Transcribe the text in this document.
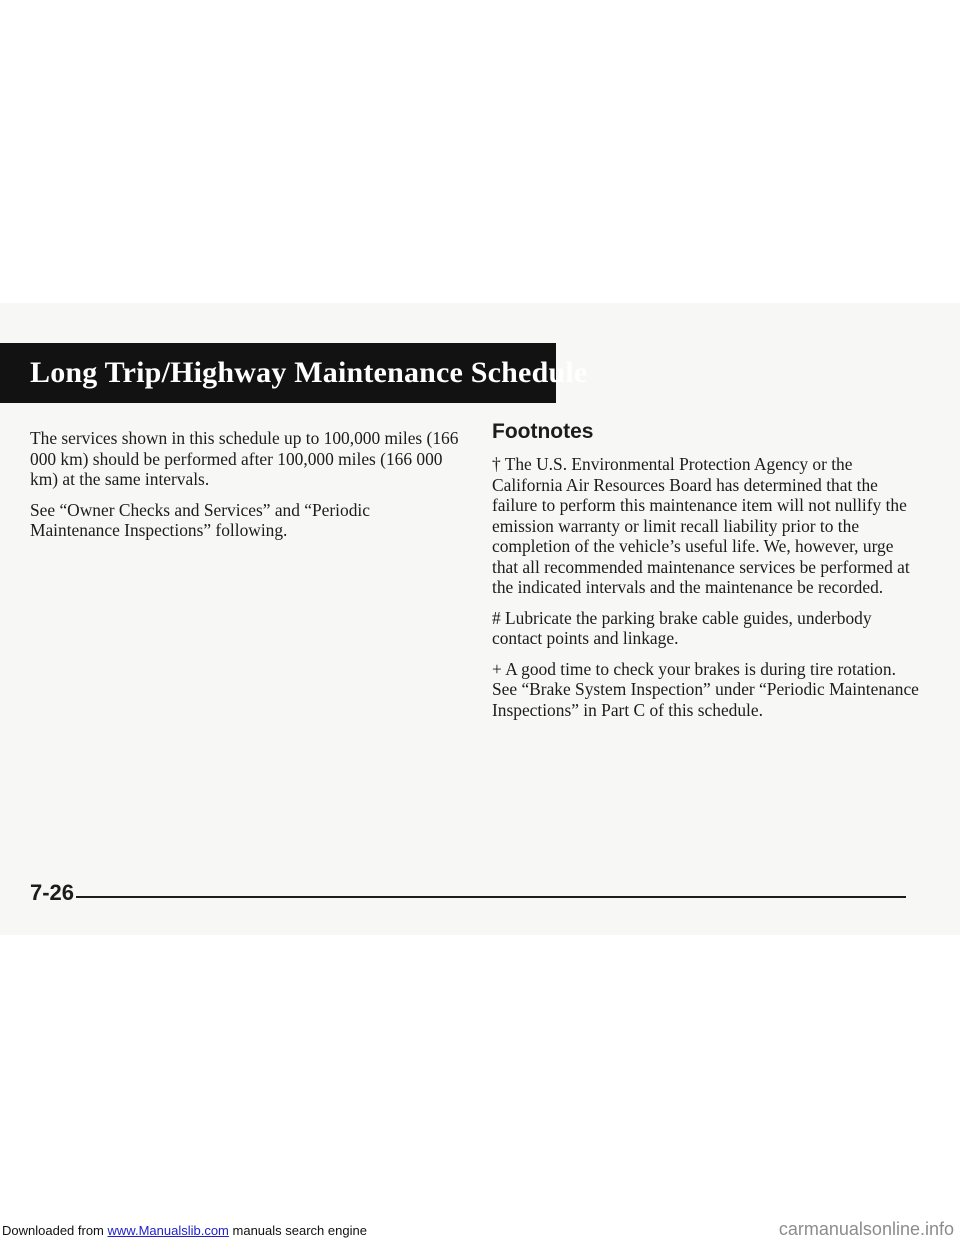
Long Trip/Highway Maintenance Schedule

The services shown in this schedule up to 100,000 miles (166 000 km) should be performed after 100,000 miles (166 000 km) at the same intervals.

See “Owner Checks and Services” and “Periodic Maintenance Inspections” following.

Footnotes

† The U.S. Environmental Protection Agency or the California Air Resources Board has determined that the failure to perform this maintenance item will not nullify the emission warranty or limit recall liability prior to the completion of the vehicle’s useful life. We, however, urge that all recommended maintenance services be performed at the indicated intervals and the maintenance be recorded.

# Lubricate the parking brake cable guides, underbody contact points and linkage.

+ A good time to check your brakes is during tire rotation. See “Brake System Inspection” under “Periodic Maintenance Inspections” in Part C of this schedule.

7-26
Downloaded from www.Manualslib.com manuals search engine	carmanualsonline.info
